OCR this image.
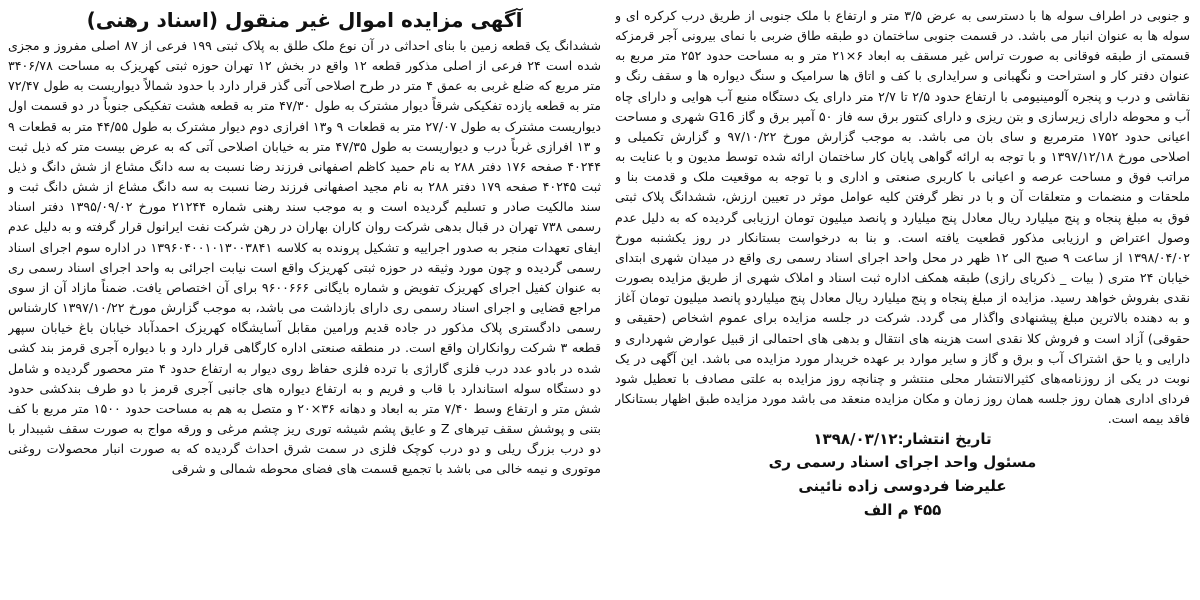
آگهی مزایده اموال غیر منقول (اسناد رهنی)

ششدانگ یک قطعه زمین با بنای احداثی در آن نوع ملک طلق به پلاک ثبتی ۱۹۹ فرعی از ۸۷ اصلی مفروز و مجزی شده است ۲۴ فرعی از اصلی مذکور قطعه ۱۲ واقع در بخش ۱۲ تهران حوزه ثبتی کهریزک به مساحت ۳۴۰۶/۷۸ متر مربع که ضلع غربی به عمق ۴ متر در طرح اصلاحی آتی گذر قرار دارد با حدود شمالاً دیواریست به طول ۷۲/۴۷ متر به قطعه یازده تفکیکی شرقاً دیوار مشترک به طول ۴۷/۳۰ متر به قطعه هشت تفکیکی جنوباً در دو قسمت اول دیواریست مشترک به طول ۲۷/۰۷ متر به قطعات ۹ و۱۳ افرازی دوم دیوار مشترک به طول ۴۴/۵۵ متر به قطعات ۹ و ۱۳ افرازی غرباً درب و دیواریست به طول ۴۷/۳۵ متر به خیابان اصلاحی آتی که به عرض بیست متر که ذیل ثبت ۴۰۲۴۴ صفحه ۱۷۶ دفتر ۲۸۸ به نام حمید کاظم اصفهانی فرزند رضا نسبت به سه دانگ مشاع از شش دانگ و ذیل ثبت ۴۰۲۴۵ صفحه ۱۷۹ دفتر ۲۸۸ به نام مجید اصفهانی فرزند رضا نسبت به سه دانگ مشاع از شش دانگ ثبت و سند مالکیت صادر و تسلیم گردیده است و به موجب سند رهنی شماره ۲۱۲۴۴ مورخ ۱۳۹۵/۰۹/۰۲ دفتر اسناد رسمی ۷۳۸ تهران در قبال بدهی شرکت روان کاران بهاران در رهن شرکت نفت ایرانول قرار گرفته و به دلیل عدم ایفای تعهدات منجر به صدور اجراییه و تشکیل پرونده به کلاسه ۱۳۹۶۰۴۰۰۱۰۱۳۰۰۳۸۴۱ در اداره سوم اجرای اسناد رسمی گردیده و چون مورد وثیقه در حوزه ثبتی کهریزک واقع است نیابت اجرائی به واحد اجرای اسناد رسمی ری به عنوان کفیل اجرای کهریزک تفویض و شماره بایگانی ۹۶۰۰۶۶۶ برای آن اختصاص یافت. ضمناً مازاد آن از سوی مراجع قضایی و اجرای اسناد رسمی ری دارای بازداشت می باشد، به موجب گزارش مورخ ۱۳۹۷/۱۰/۲۲ کارشناس رسمی دادگستری پلاک مذکور در جاده قدیم ورامین مقابل آسایشگاه کهریزک احمدآباد خیابان باغ خیابان سپهر قطعه ۳ شرکت روانکاران واقع است. در منطقه صنعتی اداره کارگاهی قرار دارد و با دیواره آجری قرمز بند کشی شده در بادو عدد درب فلزی گاراژی با ترده فلزی حفاظ روی دیوار به ارتفاع حدود ۴ متر محصور گردیده و شامل دو دستگاه سوله استاندارد با قاب و فریم و به ارتفاع دیواره های جانبی آجری قرمز با دو طرف بندکشی حدود شش متر و ارتفاع وسط ۷/۴۰ متر به ابعاد و دهانه ۳۶×۲۰ و متصل به هم به مساحت حدود ۱۵۰۰ متر مربع با کف بتنی و پوشش سقف تیرهای Z و عایق پشم شیشه توری ریز چشم مرغی و ورقه مواج به صورت سقف شیبدار با دو درب بزرگ ریلی و دو درب کوچک فلزی در سمت شرق احداث گردیده که به صورت انبار محصولات روغنی موتوری و نیمه خالی می باشد با تجمیع قسمت های فضای محوطه شمالی و شرقی

و جنوبی در اطراف سوله ها با دسترسی به عرض ۳/۵ متر و ارتفاع با ملک جنوبی از طریق درب کرکره ای و سوله ها به عنوان انبار می باشد. در قسمت جنوبی ساختمان دو طبقه طاق ضربی با نمای بیرونی آجر قرمزکه قسمتی از طبقه فوقانی به صورت تراس غیر مسقف به ابعاد ۶×۲۱ متر و به مساحت حدود ۲۵۲ متر مربع به عنوان دفتر کار و استراحت و نگهبانی و سرایداری با کف و اتاق ها سرامیک و سنگ دیواره ها و سقف رنگ و نقاشی و درب و پنجره آلومینیومی با ارتفاع حدود ۲/۵ تا ۲/۷ متر دارای یک دستگاه منبع آب هوایی و دارای چاه آب و محوطه دارای زیرسازی و بتن ریزی و دارای کنتور برق سه فاز ۵۰ آمپر برق و گاز G16 شهری و مساحت اعیانی حدود ۱۷۵۲ مترمربع و سای بان می باشد. به موجب گزارش مورخ ۹۷/۱۰/۲۲ و گزارش تکمیلی و اصلاحی مورخ ۱۳۹۷/۱۲/۱۸ و با توجه به ارائه گواهی پایان کار ساختمان ارائه شده توسط مدیون و با عنایت به مراتب فوق و مساحت عرصه و اعیانی با کاربری صنعتی و اداری و با توجه به موقعیت ملک و قدمت بنا و ملحقات و منضمات و متعلقات آن و با در نظر گرفتن کلیه عوامل موثر در تعیین ارزش، ششدانگ پلاک ثبتی فوق به مبلغ پنجاه و پنج میلیارد ریال معادل پنج میلیارد و پانصد میلیون تومان ارزیابی گردیده که به دلیل عدم وصول اعتراض و ارزیابی مذکور قطعیت یافته است. و بنا به درخواست بستانکار در روز یکشنبه مورخ ۱۳۹۸/۰۴/۰۲ از ساعت ۹ صبح الی ۱۲ ظهر در محل واحد اجرای اسناد رسمی ری واقع در میدان شهری ابتدای خیابان ۲۴ متری ( بیات _ ذکریای رازی) طبقه همکف اداره ثبت اسناد و املاک شهری از طریق مزایده بصورت نقدی بفروش خواهد رسید. مزایده از مبلغ پنجاه و پنج میلیارد ریال معادل پنج میلیاردو پانصد میلیون تومان آغاز و به دهنده بالاترین مبلغ پیشنهادی واگذار می گردد. شرکت در جلسه مزایده برای عموم اشخاص (حقیقی و حقوقی) آزاد است و فروش کلا نقدی است هزینه های انتقال و بدهی های احتمالی از قبیل عوارض شهرداری و دارایی و یا حق اشتراک آب و برق و گاز و سایر موارد بر عهده خریدار مورد مزایده می باشد. این آگهی در یک نوبت در یکی از روزنامه‌های کثیرالانتشار محلی منتشر و چنانچه روز مزایده به علتی مصادف با تعطیل شود فردای اداری همان روز جلسه همان روز زمان و مکان مزایده منعقد می باشد مورد مزایده طبق اظهار بستانکار فاقد بیمه است.

تاریخ انتشار:۱۳۹۸/۰۳/۱۲

مسئول واحد اجرای اسناد رسمی ری

علیرضا فردوسی زاده نائینی

۴۵۵ م الف
